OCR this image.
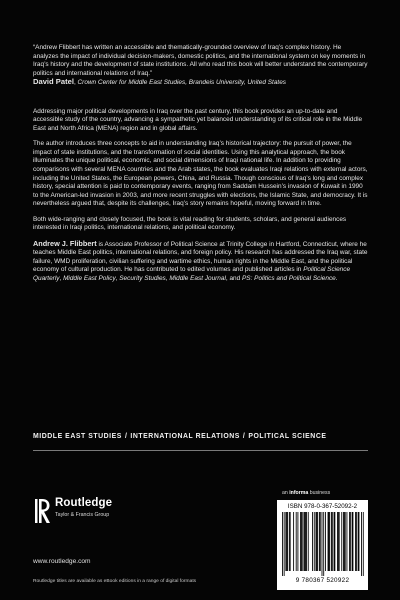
“Andrew Flibbert has written an accessible and thematically-grounded overview of Iraq’s complex history. He analyzes the impact of individual decision-makers, domestic politics, and the international system on key moments in Iraq’s history and the development of state institutions. All who read this book will better understand the contemporary politics and international relations of Iraq.”

David Patel, Crown Center for Middle East Studies, Brandeis University, United States

Addressing major political developments in Iraq over the past century, this book provides an up-to-date and accessible study of the country, advancing a sympathetic yet balanced understanding of its critical role in the Middle East and North Africa (MENA) region and in global affairs.

The author introduces three concepts to aid in understanding Iraq’s historical trajectory: the pursuit of power, the impact of state institutions, and the transformation of social identities. Using this analytical approach, the book illuminates the unique political, economic, and social dimensions of Iraqi national life. In addition to providing comparisons with several MENA countries and the Arab states, the book evaluates Iraqi relations with external actors, including the United States, the European powers, China, and Russia. Though conscious of Iraq’s long and complex history, special attention is paid to contemporary events, ranging from Saddam Hussein’s invasion of Kuwait in 1990 to the American-led invasion in 2003, and more recent struggles with elections, the Islamic State, and democracy. It is nevertheless argued that, despite its challenges, Iraq’s story remains hopeful, moving forward in time.

Both wide-ranging and closely focused, the book is vital reading for students, scholars, and general audiences interested in Iraqi politics, international relations, and political economy.

Andrew J. Flibbert is Associate Professor of Political Science at Trinity College in Hartford, Connecticut, where he teaches Middle East politics, international relations, and foreign policy. His research has addressed the Iraq war, state failure, WMD proliferation, civilian suffering and wartime ethics, human rights in the Middle East, and the political economy of cultural production. He has contributed to edited volumes and published articles in Political Science Quarterly, Middle East Policy, Security Studies, Middle East Journal, and PS: Politics and Political Science.

MIDDLE EAST STUDIES / INTERNATIONAL RELATIONS / POLITICAL SCIENCE
Routledge
Taylor & Francis Group
www.routledge.com
Routledge titles are available as eBook editions in a range of digital formats
an informa business
ISBN 978-0-367-52092-2
9 780367 520922
